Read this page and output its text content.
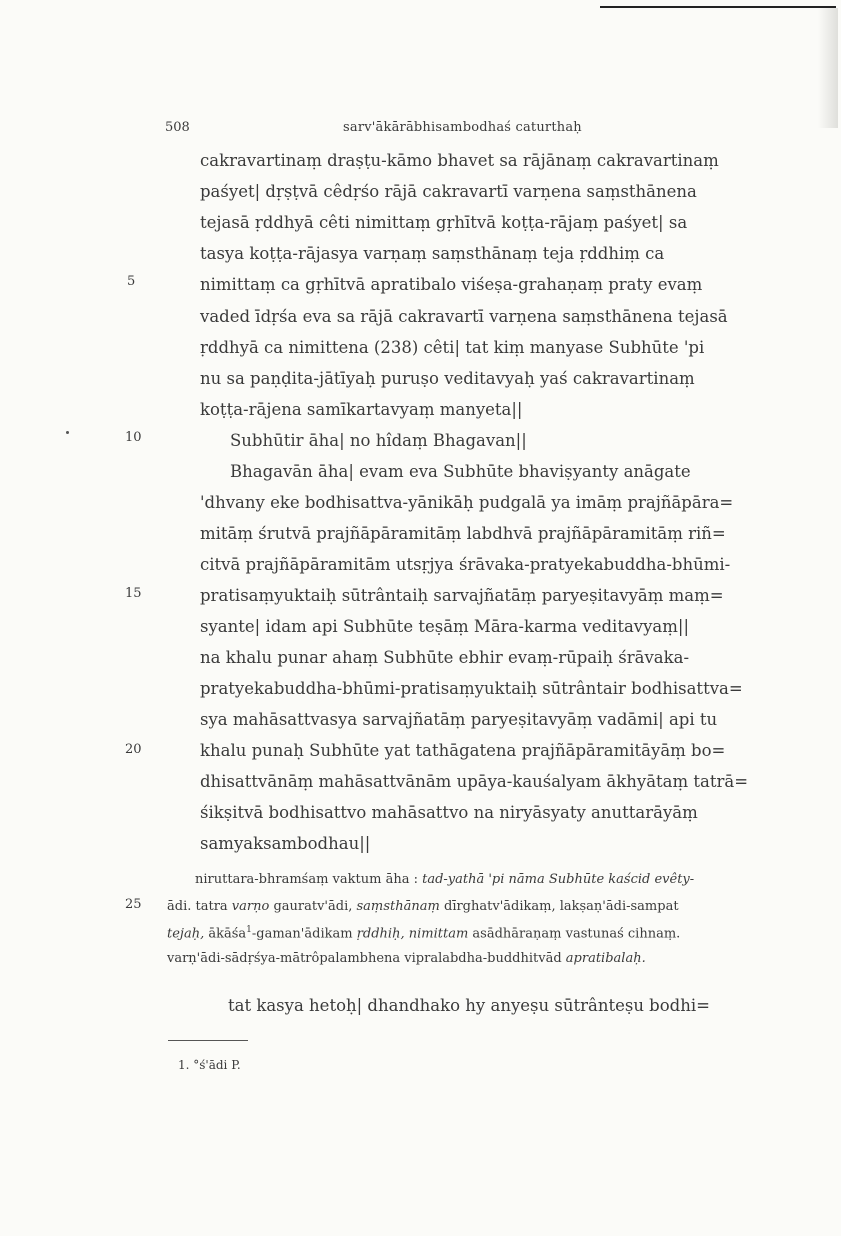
508	sarv'ākārābhisambodhaś caturthaḥ
5
10
15
20
25
cakravartinaṃ draṣṭu-kāmo bhavet sa rājānaṃ cakravartinaṃ
paśyet| dṛṣṭvā cêdṛśo rājā cakravartī varṇena saṃsthānena
tejasā ṛddhyā cêti nimittaṃ gṛhītvā koṭṭa-rājaṃ paśyet| sa
tasya koṭṭa-rājasya varṇaṃ saṃsthānaṃ teja ṛddhiṃ ca
nimittaṃ ca gṛhītvā apratibalo viśeṣa-grahaṇaṃ praty evaṃ
vaded īdṛśa eva sa rājā cakravartī varṇena saṃsthānena tejasā
ṛddhyā ca nimittena (238) cêti| tat kiṃ manyase Subhūte 'pi
nu sa paṇḍita-jātīyaḥ puruṣo veditavyaḥ yaś cakravartinaṃ
koṭṭa-rājena samīkartavyaṃ manyeta||
Subhūtir āha| no hîdaṃ Bhagavan||
Bhagavān āha| evam eva Subhūte bhaviṣyanty anāgate
'dhvany eke bodhisattva-yānikāḥ pudgalā ya imāṃ prajñāpāra=
mitāṃ śrutvā prajñāpāramitāṃ labdhvā prajñāpāramitāṃ riñ=
citvā prajñāpāramitām utsṛjya śrāvaka-pratyekabuddha-bhūmi-
pratisaṃyuktaiḥ sūtrântaiḥ sarvajñatāṃ paryeṣitavyāṃ maṃ=
syante| idam api Subhūte teṣāṃ Māra-karma veditavyaṃ||
na khalu punar ahaṃ Subhūte ebhir evaṃ-rūpaiḥ śrāvaka-
pratyekabuddha-bhūmi-pratisaṃyuktaiḥ sūtrântair bodhisattva=
sya mahāsattvasya sarvajñatāṃ paryeṣitavyāṃ vadāmi| api tu
khalu punaḥ Subhūte yat tathāgatena prajñāpāramitāyāṃ bo=
dhisattvānāṃ mahāsattvānām upāya-kauśalyam ākhyātaṃ tatrā=
śikṣitvā bodhisattvo mahāsattvo na niryāsyaty anuttarāyāṃ
samyaksambodhau||
niruttara-bhramśaṃ vaktum āha : tad-yathā 'pi nāma Subhūte kaścid evêty-
ādi. tatra varṇo gauratv'ādi, saṃsthānaṃ dīrghatv'ādikaṃ, lakṣaṇ'ādi-sampat
tejaḥ, ākāśa$^1$-gaman'ādikam ṛddhiḥ, nimittam asādhāraṇaṃ vastunaś cihnaṃ.
varṇ'ādi-sādṛśya-mātrôpalambhena vipralabdha-buddhitvād apratibalaḥ.
tat kasya hetoḥ| dhandhako hy anyeṣu sūtrânteṣu bodhi=
1. °ś'ādi P.
